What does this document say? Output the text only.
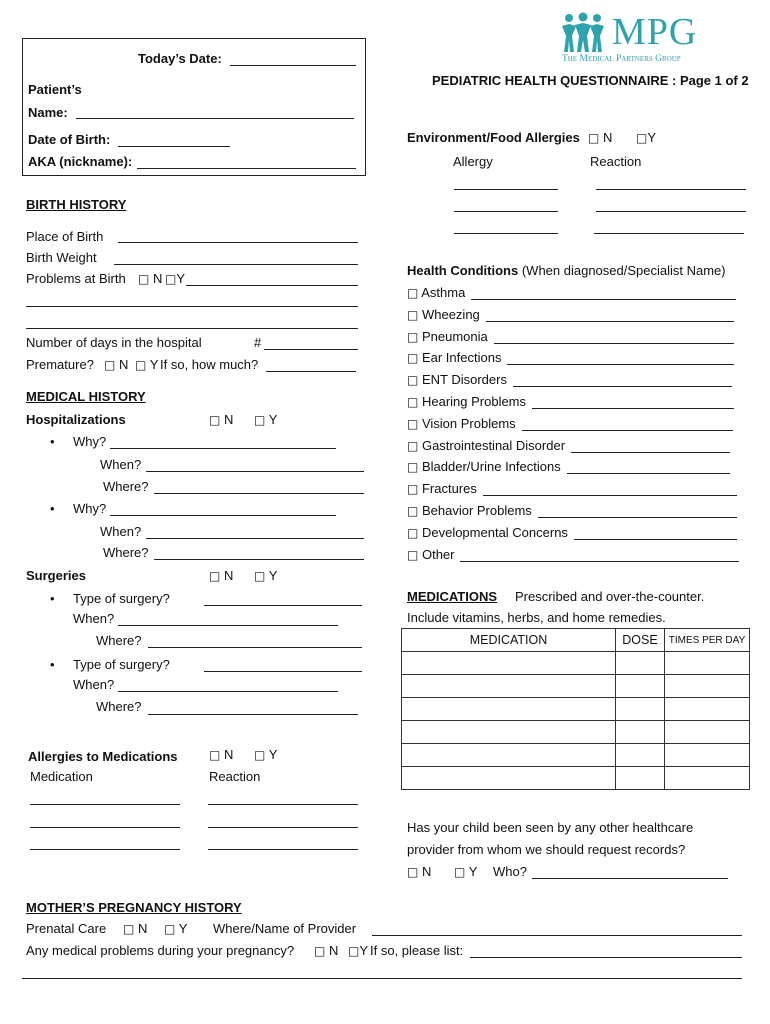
MPG
The Medical Partners Group
Today’s Date:
Patient’s
Name:
Date of Birth:
AKA (nickname):
PEDIATRIC HEALTH QUESTIONNAIRE : Page 1 of 2
BIRTH HISTORY
Place of Birth
Birth Weight
Problems at Birth □ N □Y
Number of days in the hospital	#
Premature? □ N □ Y If so, how much?
MEDICAL HISTORY
Hospitalizations	□ N □ Y
• Why?
When?
Where?
• Why?
When?
Where?
Surgeries	□ N □ Y
• Type of surgery?
When?
Where?
• Type of surgery?
When?
Where?
Allergies to Medications	□ N □ Y
Medication	Reaction
Environment/Food Allergies □ N □Y
Allergy	Reaction
Health Conditions (When diagnosed/Specialist Name)
□ Asthma
□ Wheezing
□ Pneumonia
□ Ear Infections
□ ENT Disorders
□ Hearing Problems
□ Vision Problems
□ Gastrointestinal Disorder
□ Bladder/Urine Infections
□ Fractures
□ Behavior Problems
□ Developmental Concerns
□ Other
MEDICATIONS Prescribed and over-the-counter.
Include vitamins, herbs, and home remedies.
MEDICATION	DOSE	TIMES PER DAY

Has your child been seen by any other healthcare
provider from whom we should request records?
□ N □ Y Who?
MOTHER’S PREGNANCY HISTORY
Prenatal Care □ N □ Y Where/Name of Provider
Any medical problems during your pregnancy? □ N □Y If so, please list:
